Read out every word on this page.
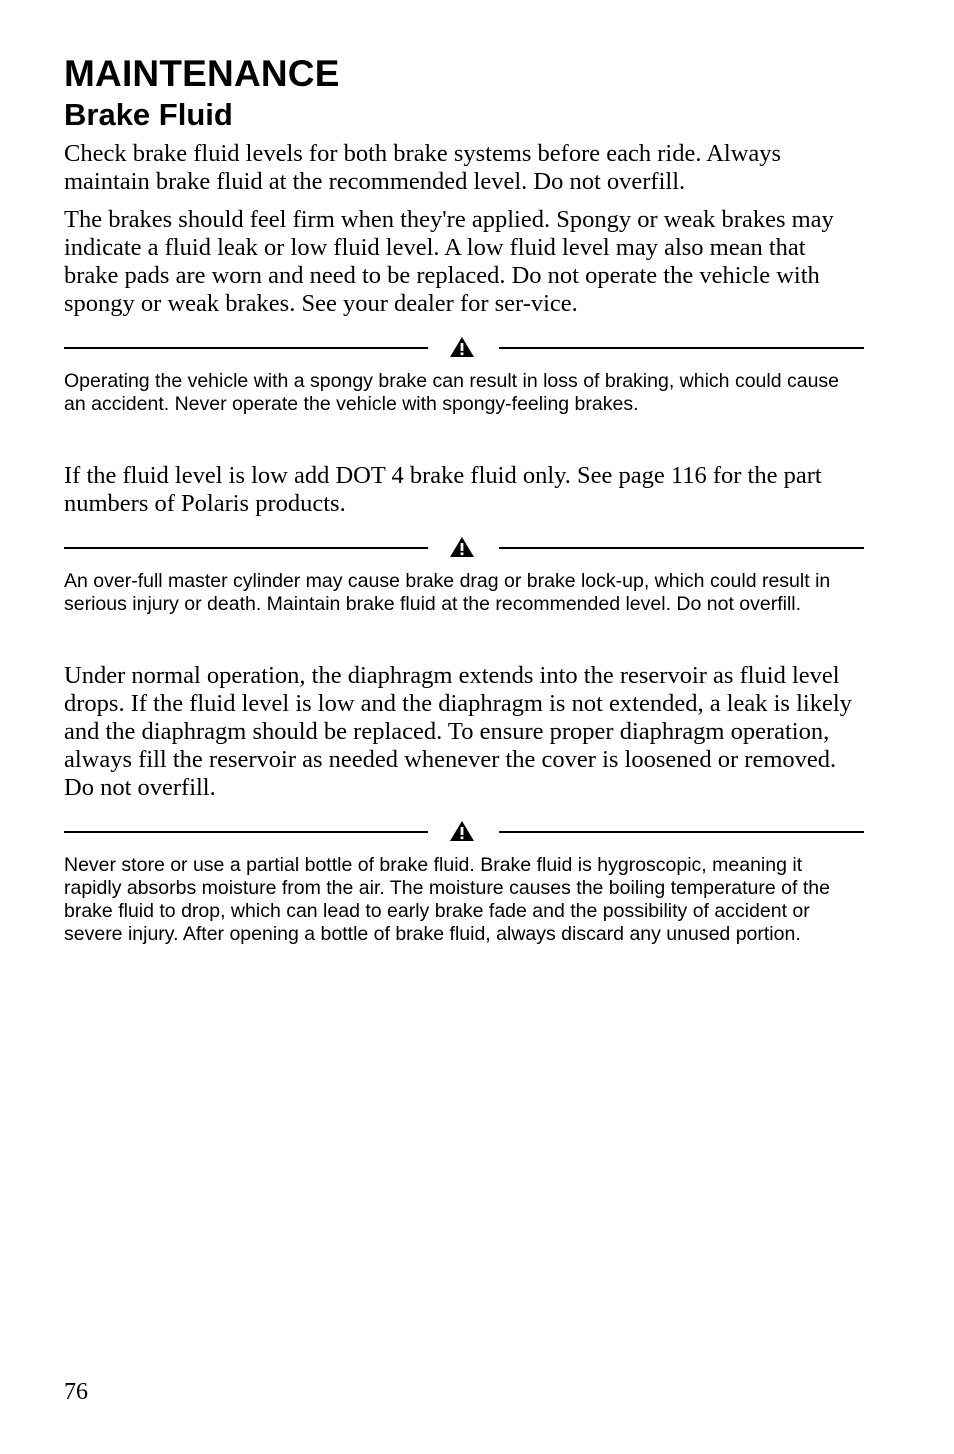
MAINTENANCE
Brake Fluid

Check brake fluid levels for both brake systems before each ride. Always maintain brake fluid at the recommended level. Do not overfill.

The brakes should feel firm when they're applied. Spongy or weak brakes may indicate a fluid leak or low fluid level. A low fluid level may also mean that brake pads are worn and need to be replaced. Do not operate the vehicle with spongy or weak brakes. See your dealer for ser-vice.

Operating the vehicle with a spongy brake can result in loss of braking, which could cause an accident. Never operate the vehicle with spongy-feeling brakes.

If the fluid level is low add DOT 4 brake fluid only. See page 116 for the part numbers of Polaris products.

An over-full master cylinder may cause brake drag or brake lock-up, which could result in serious injury or death. Maintain brake fluid at the recommended level. Do not overfill.

Under normal operation, the diaphragm extends into the reservoir as fluid level drops. If the fluid level is low and the diaphragm is not extended, a leak is likely and the diaphragm should be replaced. To ensure proper diaphragm operation, always fill the reservoir as needed whenever the cover is loosened or removed. Do not overfill.

Never store or use a partial bottle of brake fluid. Brake fluid is hygroscopic, meaning it rapidly absorbs moisture from the air. The moisture causes the boiling temperature of the brake fluid to drop, which can lead to early brake fade and the possibility of accident or severe injury. After opening a bottle of brake fluid, always discard any unused portion.

76
